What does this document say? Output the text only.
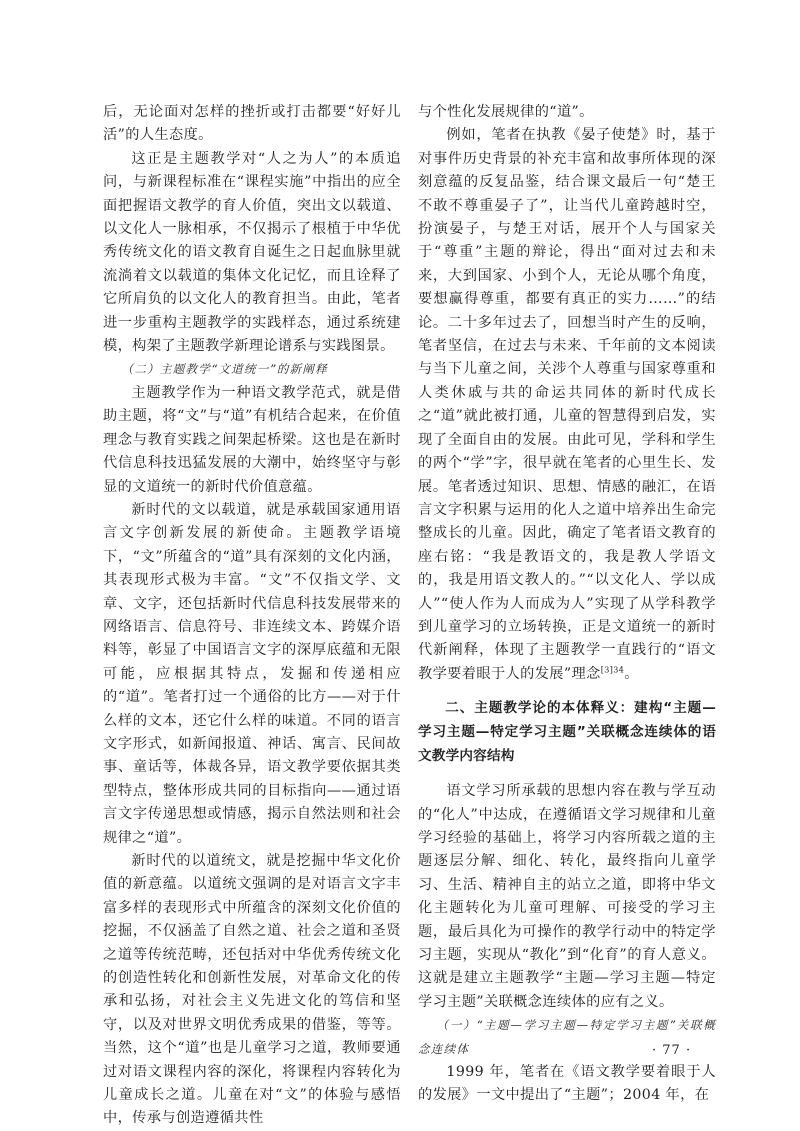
后，无论面对怎样的挫折或打击都要“好好儿活”的人生态度。

这正是主题教学对“人之为人”的本质追问，与新课程标准在“课程实施”中指出的应全面把握语文教学的育人价值，突出文以载道、以文化人一脉相承，不仅揭示了根植于中华优秀传统文化的语文教育自诞生之日起血脉里就流淌着文以载道的集体文化记忆，而且诠释了它所肩负的以文化人的教育担当。由此，笔者进一步重构主题教学的实践样态，通过系统建模，构架了主题教学新理论谱系与实践图景。

（二）主题教学“文道统一”的新阐释

主题教学作为一种语文教学范式，就是借助主题，将“文”与“道”有机结合起来，在价值理念与教育实践之间架起桥梁。这也是在新时代信息科技迅猛发展的大潮中，始终坚守与彰显的文道统一的新时代价值意蕴。

新时代的文以载道，就是承载国家通用语言文字创新发展的新使命。主题教学语境下，“文”所蕴含的“道”具有深刻的文化内涵，其表现形式极为丰富。“文”不仅指文学、文章、文字，还包括新时代信息科技发展带来的网络语言、信息符号、非连续文本、跨媒介语料等，彰显了中国语言文字的深厚底蕴和无限可能，应根据其特点，发掘和传递相应的“道”。笔者打过一个通俗的比方——对于什么样的文本，还它什么样的味道。不同的语言文字形式，如新闻报道、神话、寓言、民间故事、童话等，体裁各异，语文教学要依据其类型特点，整体形成共同的目标指向——通过语言文字传递思想或情感，揭示自然法则和社会规律之“道”。

新时代的以道统文，就是挖掘中华文化价值的新意蕴。以道统文强调的是对语言文字丰富多样的表现形式中所蕴含的深刻文化价值的挖掘，不仅涵盖了自然之道、社会之道和圣贤之道等传统范畴，还包括对中华优秀传统文化的创造性转化和创新性发展，对革命文化的传承和弘扬，对社会主义先进文化的笃信和坚守，以及对世界文明优秀成果的借鉴，等等。当然，这个“道”也是儿童学习之道，教师要通过对语文课程内容的深化，将课程内容转化为儿童成长之道。儿童在对“文”的体验与感悟中，传承与创造遵循共性

与个性化发展规律的“道”。

例如，笔者在执教《晏子使楚》时，基于对事件历史背景的补充丰富和故事所体现的深刻意蕴的反复品鉴，结合课文最后一句“楚王不敢不尊重晏子了”，让当代儿童跨越时空，扮演晏子，与楚王对话，展开个人与国家关于“尊重”主题的辩论，得出“面对过去和未来，大到国家、小到个人，无论从哪个角度，要想赢得尊重，都要有真正的实力……”的结论。二十多年过去了，回想当时产生的反响，笔者坚信，在过去与未来、千年前的文本阅读与当下儿童之间，关涉个人尊重与国家尊重和人类休戚与共的命运共同体的新时代成长之“道”就此被打通，儿童的智慧得到启发，实现了全面自由的发展。由此可见，学科和学生的两个“学”字，很早就在笔者的心里生长、发展。笔者透过知识、思想、情感的融汇，在语言文字积累与运用的化人之道中培养出生命完整成长的儿童。因此，确定了笔者语文教育的座右铭：“我是教语文的，我是教人学语文的，我是用语文教人的。”“以文化人、学以成人”“使人作为人而成为人”实现了从学科教学到儿童学习的立场转换，正是文道统一的新时代新阐释，体现了主题教学一直践行的“语文教学要着眼于人的发展”理念$^{[3]34}$。

二、主题教学论的本体释义：建构“主题—学习主题—特定学习主题”关联概念连续体的语文教学内容结构

语文学习所承载的思想内容在教与学互动的“化人”中达成，在遵循语文学习规律和儿童学习经验的基础上，将学习内容所载之道的主题逐层分解、细化、转化，最终指向儿童学习、生活、精神自主的站立之道，即将中华文化主题转化为儿童可理解、可接受的学习主题，最后具化为可操作的教学行动中的特定学习主题，实现从“教化”到“化育”的育人意义。这就是建立主题教学“主题—学习主题—特定学习主题”关联概念连续体的应有之义。

（一）“主题—学习主题—特定学习主题”关联概念连续体

1999 年，笔者在《语文教学要着眼于人的发展》一文中提出了“主题”；2004 年，在

· 77 ·
